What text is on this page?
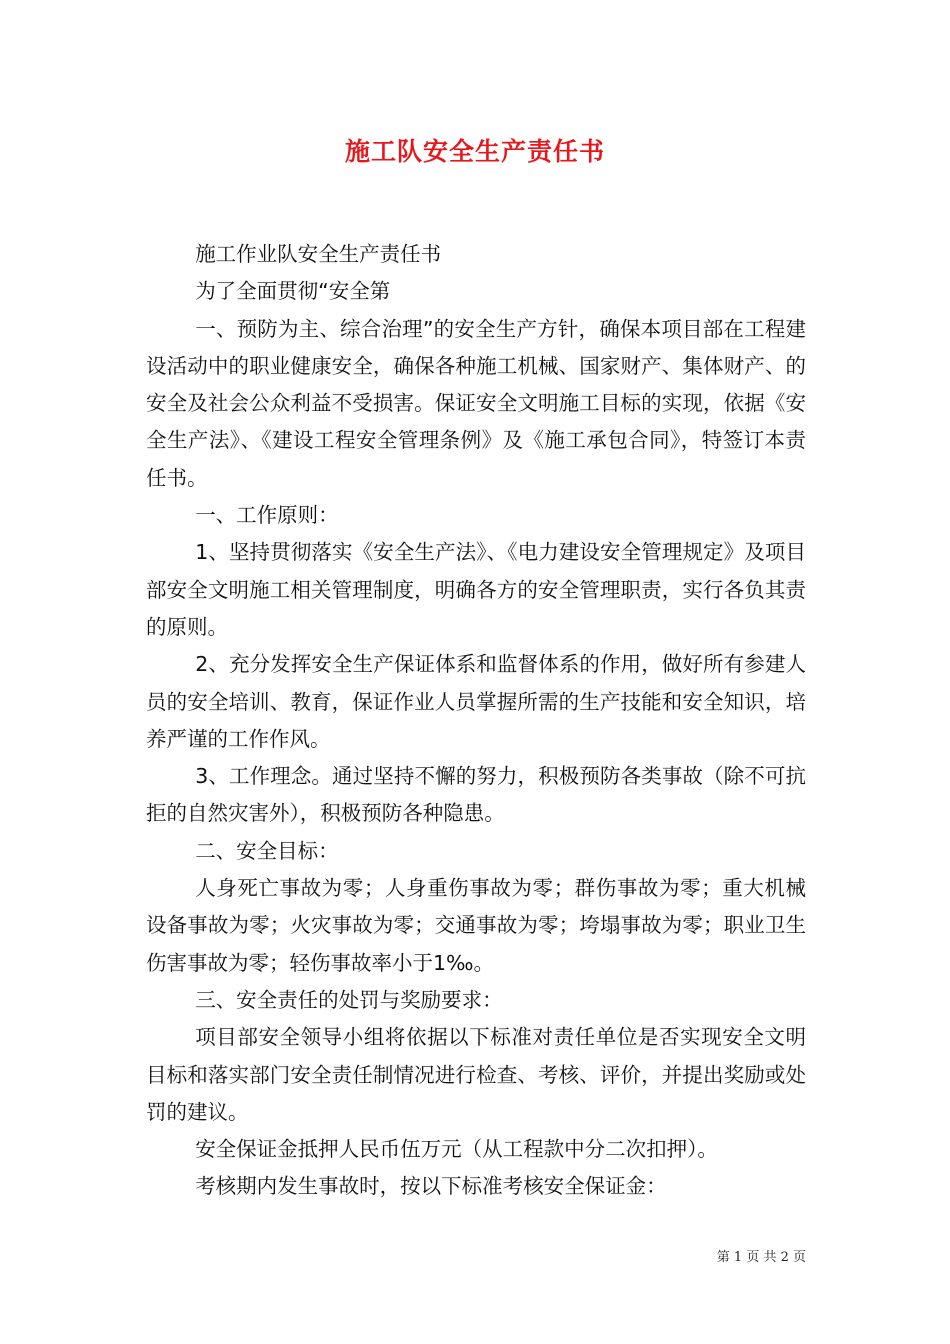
施工队安全生产责任书

施工作业队安全生产责任书

为了全面贯彻“安全第

一、预防为主、综合治理”的安全生产方针，确保本项目部在工程建设活动中的职业健康安全，确保各种施工机械、国家财产、集体财产、的安全及社会公众利益不受损害。保证安全文明施工目标的实现，依据《安全生产法》、《建设工程安全管理条例》及《施工承包合同》，特签订本责任书。

一、工作原则：

1、坚持贯彻落实《安全生产法》、《电力建设安全管理规定》及项目部安全文明施工相关管理制度，明确各方的安全管理职责，实行各负其责的原则。

2、充分发挥安全生产保证体系和监督体系的作用，做好所有参建人员的安全培训、教育，保证作业人员掌握所需的生产技能和安全知识，培养严谨的工作作风。

3、工作理念。通过坚持不懈的努力，积极预防各类事故（除不可抗拒的自然灾害外），积极预防各种隐患。

二、安全目标：

人身死亡事故为零；人身重伤事故为零；群伤事故为零；重大机械设备事故为零；火灾事故为零；交通事故为零；垮塌事故为零；职业卫生伤害事故为零；轻伤事故率小于1‰。

三、安全责任的处罚与奖励要求：

项目部安全领导小组将依据以下标准对责任单位是否实现安全文明目标和落实部门安全责任制情况进行检查、考核、评价，并提出奖励或处罚的建议。

安全保证金抵押人民币伍万元（从工程款中分二次扣押）。

考核期内发生事故时，按以下标准考核安全保证金：

第 1 页 共 2 页
